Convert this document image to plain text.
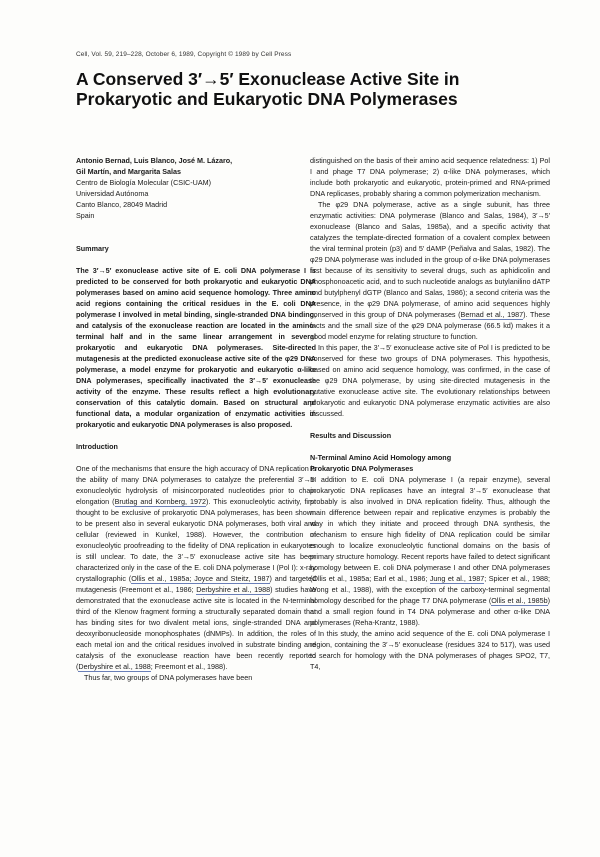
Cell, Vol. 59, 219–228, October 6, 1989, Copyright © 1989 by Cell Press
A Conserved 3′→5′ Exonuclease Active Site in Prokaryotic and Eukaryotic DNA Polymerases

Antonio Bernad, Luis Blanco, José M. Lázaro,

Gil Martín, and Margarita Salas

Centro de Biología Molecular (CSIC-UAM)

Universidad Autónoma

Canto Blanco, 28049 Madrid

Spain

Summary

The 3′→5′ exonuclease active site of E. coli DNA polymerase I is predicted to be conserved for both prokaryotic and eukaryotic DNA polymerases based on amino acid sequence homology. Three amino acid regions containing the critical residues in the E. coli DNA polymerase I involved in metal binding, single-stranded DNA binding, and catalysis of the exonuclease reaction are located in the amino-terminal half and in the same linear arrangement in several prokaryotic and eukaryotic DNA polymerases. Site-directed mutagenesis at the predicted exonuclease active site of the φ29 DNA polymerase, a model enzyme for prokaryotic and eukaryotic α-like DNA polymerases, specifically inactivated the 3′→5′ exonuclease activity of the enzyme. These results reflect a high evolutionary conservation of this catalytic domain. Based on structural and functional data, a modular organization of enzymatic activities in prokaryotic and eukaryotic DNA polymerases is also proposed.

Introduction

One of the mechanisms that ensure the high accuracy of DNA replication is the ability of many DNA polymerases to catalyze the preferential 3′→5′ exonucleolytic hydrolysis of misincorporated nucleotides prior to chain elongation (Brutlag and Kornberg, 1972). This exonucleolytic activity, first thought to be exclusive of prokaryotic DNA polymerases, has been shown to be present also in several eukaryotic DNA polymerases, both viral and cellular (reviewed in Kunkel, 1988). However, the contribution of exonucleolytic proofreading to the fidelity of DNA replication in eukaryotes is still unclear. To date, the 3′→5′ exonuclease active site has been characterized only in the case of the E. coli DNA polymerase I (Pol I): x-ray crystallographic (Ollis et al., 1985a; Joyce and Steitz, 1987) and targeted mutagenesis (Freemont et al., 1986; Derbyshire et al., 1988) studies have demonstrated that the exonuclease active site is located in the N-terminal third of the Klenow fragment forming a structurally separated domain that has binding sites for two divalent metal ions, single-stranded DNA and deoxyribonucleoside monophosphates (dNMPs). In addition, the roles of each metal ion and the critical residues involved in substrate binding and catalysis of the exonuclease reaction have been recently reported (Derbyshire et al., 1988; Freemont et al., 1988).

Thus far, two groups of DNA polymerases have been

distinguished on the basis of their amino acid sequence relatedness: 1) Pol I and phage T7 DNA polymerase; 2) α-like DNA polymerases, which include both prokaryotic and eukaryotic, protein-primed and RNA-primed DNA replicases, probably sharing a common polymerization mechanism.

The φ29 DNA polymerase, active as a single subunit, has three enzymatic activities: DNA polymerase (Blanco and Salas, 1984), 3′→5′ exonuclease (Blanco and Salas, 1985a), and a specific activity that catalyzes the template-directed formation of a covalent complex between the viral terminal protein (p3) and 5′ dAMP (Peñalva and Salas, 1982). The φ29 DNA polymerase was included in the group of α-like DNA polymerases first because of its sensitivity to several drugs, such as aphidicolin and phosphonoacetic acid, and to such nucleotide analogs as butylanilino dATP and butylphenyl dGTP (Blanco and Salas, 1986); a second criteria was the presence, in the φ29 DNA polymerase, of amino acid sequences highly conserved in this group of DNA polymerases (Bernad et al., 1987). These facts and the small size of the φ29 DNA polymerase (66.5 kd) makes it a good model enzyme for relating structure to function.

In this paper, the 3′→5′ exonuclease active site of Pol I is predicted to be conserved for these two groups of DNA polymerases. This hypothesis, based on amino acid sequence homology, was confirmed, in the case of the φ29 DNA polymerase, by using site-directed mutagenesis in the putative exonuclease active site. The evolutionary relationships between prokaryotic and eukaryotic DNA polymerase enzymatic activities are also discussed.

Results and Discussion

N-Terminal Amino Acid Homology among

Prokaryotic DNA Polymerases

In addition to E. coli DNA polymerase I (a repair enzyme), several prokaryotic DNA replicases have an integral 3′→5′ exonuclease that probably is also involved in DNA replication fidelity. Thus, although the main difference between repair and replicative enzymes is probably the way in which they initiate and proceed through DNA synthesis, the mechanism to ensure high fidelity of DNA replication could be similar enough to localize exonucleolytic functional domains on the basis of primary structure homology. Recent reports have failed to detect significant homology between E. coli DNA polymerase I and other DNA polymerases (Ollis et al., 1985a; Earl et al., 1986; Jung et al., 1987; Spicer et al., 1988; Wong et al., 1988), with the exception of the carboxy-terminal segmental homology described for the phage T7 DNA polymerase (Ollis et al., 1985b) and a small region found in T4 DNA polymerase and other α-like DNA polymerases (Reha-Krantz, 1988).

In this study, the amino acid sequence of the E. coli DNA polymerase I region, containing the 3′→5′ exonuclease (residues 324 to 517), was used to search for homology with the DNA polymerases of phages SPO2, T7, T4,
